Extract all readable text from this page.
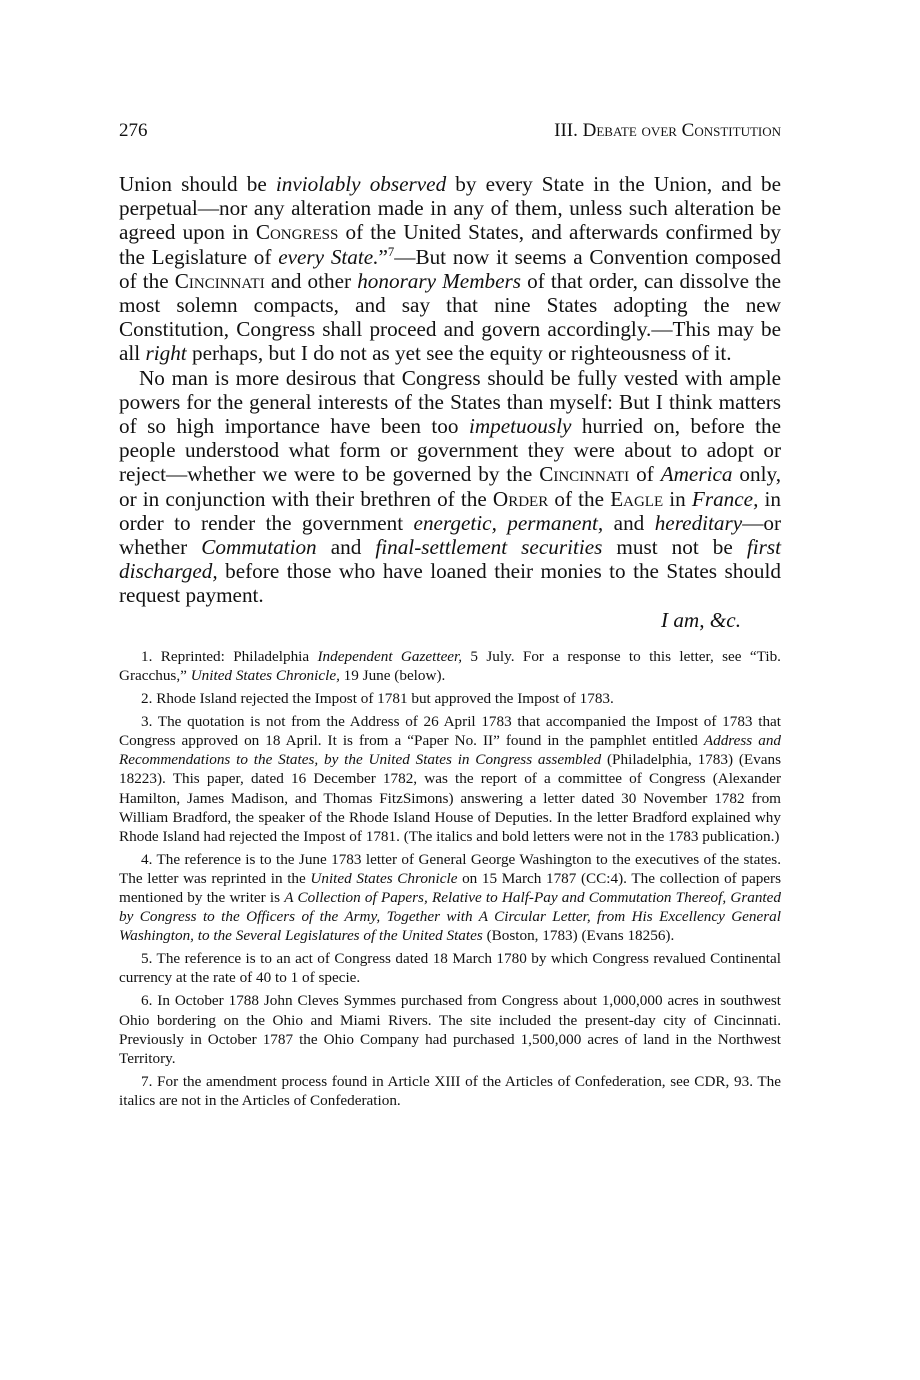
276	III. Debate over Constitution

Union should be inviolably observed by every State in the Union, and be perpetual—nor any alteration made in any of them, unless such alteration be agreed upon in Congress of the United States, and afterwards confirmed by the Legislature of every State.”$^7$—But now it seems a Convention composed of the Cincinnati and other honorary Members of that order, can dissolve the most solemn compacts, and say that nine States adopting the new Constitution, Congress shall proceed and govern accordingly.—This may be all right perhaps, but I do not as yet see the equity or righteousness of it.

No man is more desirous that Congress should be fully vested with ample powers for the general interests of the States than myself: But I think matters of so high importance have been too impetuously hurried on, before the people understood what form or government they were about to adopt or reject—whether we were to be governed by the Cincinnati of America only, or in conjunction with their brethren of the Order of the Eagle in France, in order to render the government energetic, permanent, and hereditary—or whether Commutation and final-settlement securities must not be first discharged, before those who have loaned their monies to the States should request payment.

I am, &c.

1. Reprinted: Philadelphia Independent Gazetteer, 5 July. For a response to this letter, see “Tib. Gracchus,” United States Chronicle, 19 June (below).

2. Rhode Island rejected the Impost of 1781 but approved the Impost of 1783.

3. The quotation is not from the Address of 26 April 1783 that accompanied the Impost of 1783 that Congress approved on 18 April. It is from a “Paper No. II” found in the pamphlet entitled Address and Recommendations to the States, by the United States in Congress assembled (Philadelphia, 1783) (Evans 18223). This paper, dated 16 December 1782, was the report of a committee of Congress (Alexander Hamilton, James Madison, and Thomas FitzSimons) answering a letter dated 30 November 1782 from William Bradford, the speaker of the Rhode Island House of Deputies. In the letter Bradford explained why Rhode Island had rejected the Impost of 1781. (The italics and bold letters were not in the 1783 publication.)

4. The reference is to the June 1783 letter of General George Washington to the executives of the states. The letter was reprinted in the United States Chronicle on 15 March 1787 (CC:4). The collection of papers mentioned by the writer is A Collection of Papers, Relative to Half-Pay and Commutation Thereof, Granted by Congress to the Officers of the Army, Together with A Circular Letter, from His Excellency General Washington, to the Several Legislatures of the United States (Boston, 1783) (Evans 18256).

5. The reference is to an act of Congress dated 18 March 1780 by which Congress revalued Continental currency at the rate of 40 to 1 of specie.

6. In October 1788 John Cleves Symmes purchased from Congress about 1,000,000 acres in southwest Ohio bordering on the Ohio and Miami Rivers. The site included the present-day city of Cincinnati. Previously in October 1787 the Ohio Company had purchased 1,500,000 acres of land in the Northwest Territory.

7. For the amendment process found in Article XIII of the Articles of Confederation, see CDR, 93. The italics are not in the Articles of Confederation.
